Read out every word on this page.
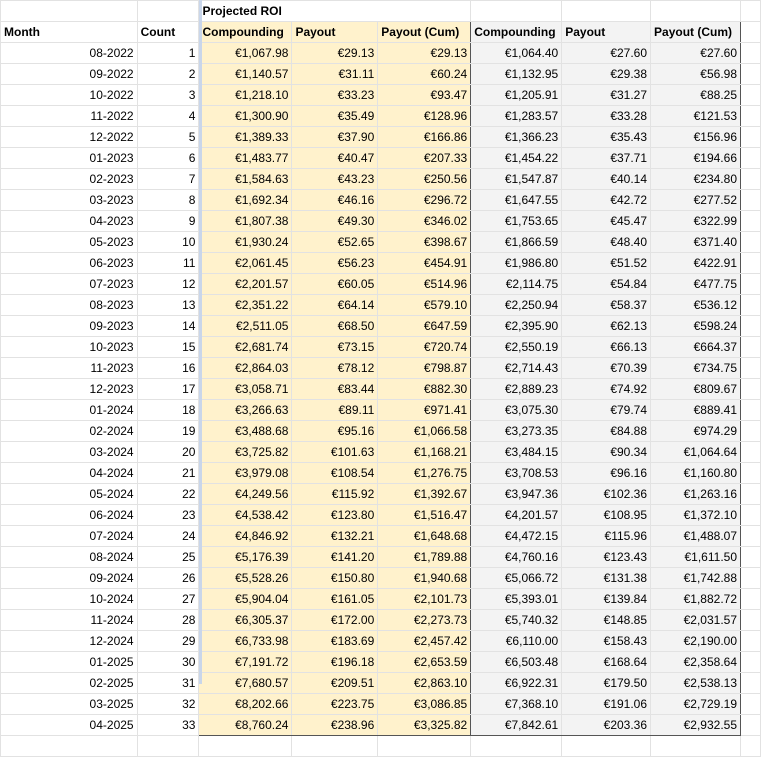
		Projected ROI						
Month	Count	Compounding	Payout	Payout (Cum)	Compounding	Payout	Payout (Cum)	
08-2022	1	€1,067.98	€29.13	€29.13	€1,064.40	€27.60	€27.60	
09-2022	2	€1,140.57	€31.11	€60.24	€1,132.95	€29.38	€56.98	
10-2022	3	€1,218.10	€33.23	€93.47	€1,205.91	€31.27	€88.25	
11-2022	4	€1,300.90	€35.49	€128.96	€1,283.57	€33.28	€121.53	
12-2022	5	€1,389.33	€37.90	€166.86	€1,366.23	€35.43	€156.96	
01-2023	6	€1,483.77	€40.47	€207.33	€1,454.22	€37.71	€194.66	
02-2023	7	€1,584.63	€43.23	€250.56	€1,547.87	€40.14	€234.80	
03-2023	8	€1,692.34	€46.16	€296.72	€1,647.55	€42.72	€277.52	
04-2023	9	€1,807.38	€49.30	€346.02	€1,753.65	€45.47	€322.99	
05-2023	10	€1,930.24	€52.65	€398.67	€1,866.59	€48.40	€371.40	
06-2023	11	€2,061.45	€56.23	€454.91	€1,986.80	€51.52	€422.91	
07-2023	12	€2,201.57	€60.05	€514.96	€2,114.75	€54.84	€477.75	
08-2023	13	€2,351.22	€64.14	€579.10	€2,250.94	€58.37	€536.12	
09-2023	14	€2,511.05	€68.50	€647.59	€2,395.90	€62.13	€598.24	
10-2023	15	€2,681.74	€73.15	€720.74	€2,550.19	€66.13	€664.37	
11-2023	16	€2,864.03	€78.12	€798.87	€2,714.43	€70.39	€734.75	
12-2023	17	€3,058.71	€83.44	€882.30	€2,889.23	€74.92	€809.67	
01-2024	18	€3,266.63	€89.11	€971.41	€3,075.30	€79.74	€889.41	
02-2024	19	€3,488.68	€95.16	€1,066.58	€3,273.35	€84.88	€974.29	
03-2024	20	€3,725.82	€101.63	€1,168.21	€3,484.15	€90.34	€1,064.64	
04-2024	21	€3,979.08	€108.54	€1,276.75	€3,708.53	€96.16	€1,160.80	
05-2024	22	€4,249.56	€115.92	€1,392.67	€3,947.36	€102.36	€1,263.16	
06-2024	23	€4,538.42	€123.80	€1,516.47	€4,201.57	€108.95	€1,372.10	
07-2024	24	€4,846.92	€132.21	€1,648.68	€4,472.15	€115.96	€1,488.07	
08-2024	25	€5,176.39	€141.20	€1,789.88	€4,760.16	€123.43	€1,611.50	
09-2024	26	€5,528.26	€150.80	€1,940.68	€5,066.72	€131.38	€1,742.88	
10-2024	27	€5,904.04	€161.05	€2,101.73	€5,393.01	€139.84	€1,882.72	
11-2024	28	€6,305.37	€172.00	€2,273.73	€5,740.32	€148.85	€2,031.57	
12-2024	29	€6,733.98	€183.69	€2,457.42	€6,110.00	€158.43	€2,190.00	
01-2025	30	€7,191.72	€196.18	€2,653.59	€6,503.48	€168.64	€2,358.64	
02-2025	31	€7,680.57	€209.51	€2,863.10	€6,922.31	€179.50	€2,538.13	
03-2025	32	€8,202.66	€223.75	€3,086.85	€7,368.10	€191.06	€2,729.19	
04-2025	33	€8,760.24	€238.96	€3,325.82	€7,842.61	€203.36	€2,932.55	
